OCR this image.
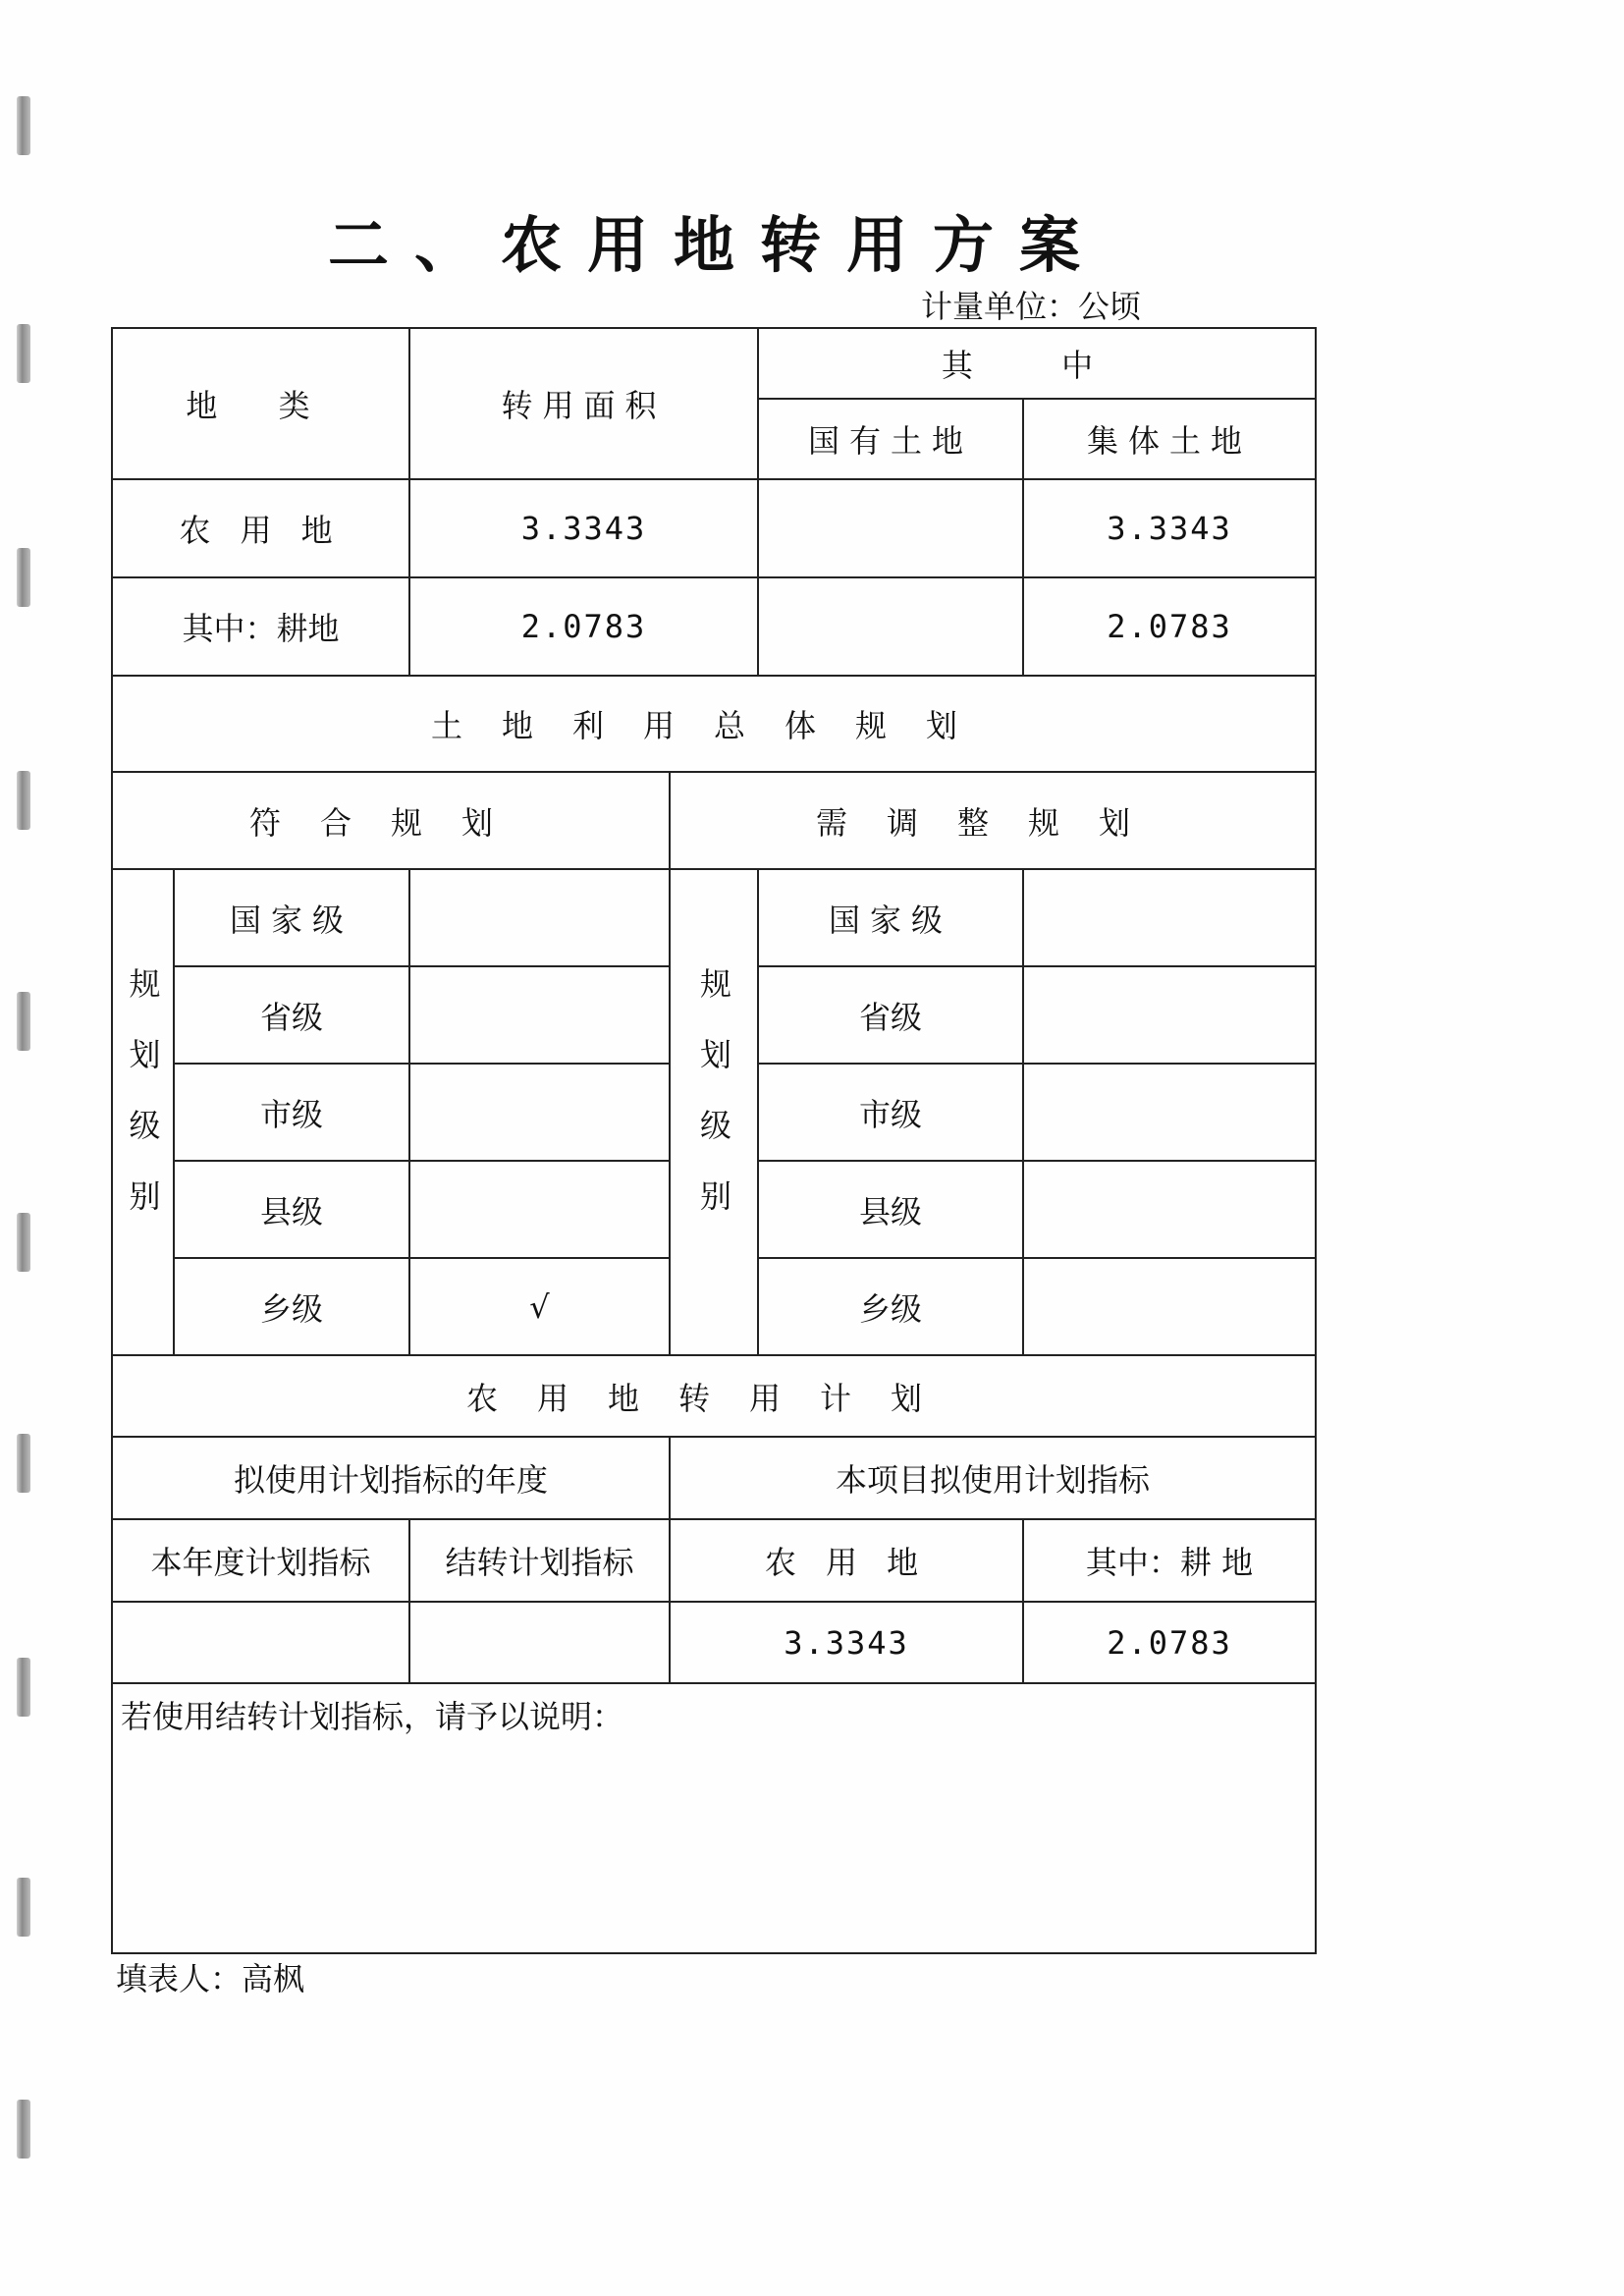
二、农用地转用方案
计量单位：公顷
地 类		转用面积		其 中	
				国有土地	集体土地
农 用 地		3.3343			3.3343
其中：耕地		2.0783			2.0783
土地利用总体规划					
符合规划			需调整规划		
规划级别	国家级		规划级别	国家级	
	省级			省级	
	市级			市级	
	县级			县级	
	乡级	√		乡级	
农用地转用计划					
拟使用计划指标的年度			本项目拟使用计划指标		
本年度计划指标		结转计划指标	农 用 地		其中：耕 地
			3.3343		2.0783
若使用结转计划指标，请予以说明：					
填表人：高枫
